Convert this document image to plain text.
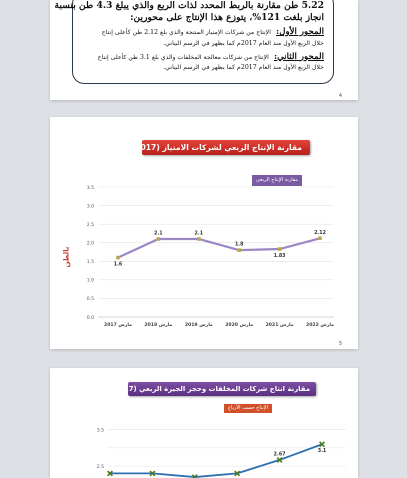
5.22 طن مقارنة بالربط المحدد لذات الربع والذي يبلغ 4.3 طن بنسبة
انجاز بلغت 121%، يتوزع هذا الإنتاج على محورين:
المحور الأول: الإنتاج من شركات الإمتياز المنتجة والذي بلغ 2.12 طن كأعلى إنتاج
خلال الربع الأول منذ العام 2017م كما يظهر في الرسم البياني.
المحور الثاني: الإنتاج من شركات معالجة المخلفات والذي بلغ 3.1 طن كأعلى إنتاج
خلال الربع الأول منذ العام 2017م كما يظهر في الرسم البياني.
4
مقارنة الإنتاج الربعي لشركات الامتياز (2017-2022م)
مقارنة الإنتاج الربعي
بالطن
0.0
0.5
1.0
1.5
2.0
2.5
3.0
3.5
1.6
مارس 2017
2.1
مارس 2018
2.1
مارس 2019
1.8
مارس 2020
1.83
مارس 2021
2.12
مارس 2022
5
مقارنة انتاج شركات المخلفات وحجر الجيرة الربعي (2017-2022م)
الإنتاج حسب الأرباع
2.5
3.5
2.67
3.1
